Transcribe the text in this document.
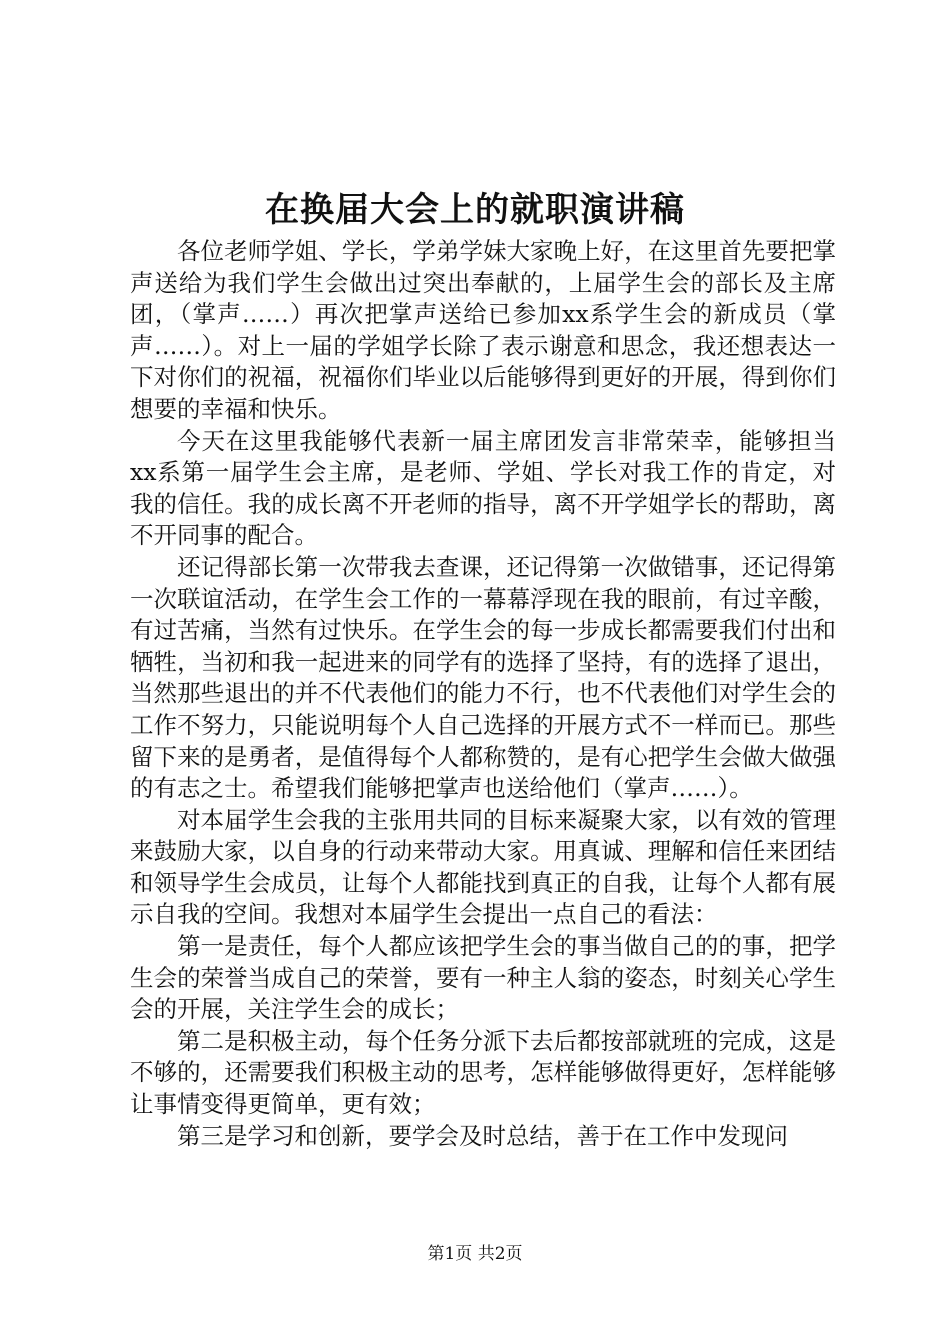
在换届大会上的就职演讲稿

各位老师学姐、学长，学弟学妹大家晚上好，在这里首先要把掌声送给为我们学生会做出过突出奉献的，上届学生会的部长及主席团，（掌声……）再次把掌声送给已参加xx系学生会的新成员（掌声……）。对上一届的学姐学长除了表示谢意和思念，我还想表达一下对你们的祝福，祝福你们毕业以后能够得到更好的开展，得到你们想要的幸福和快乐。

今天在这里我能够代表新一届主席团发言非常荣幸，能够担当xx系第一届学生会主席，是老师、学姐、学长对我工作的肯定，对我的信任。我的成长离不开老师的指导，离不开学姐学长的帮助，离不开同事的配合。

还记得部长第一次带我去查课，还记得第一次做错事，还记得第一次联谊活动，在学生会工作的一幕幕浮现在我的眼前，有过辛酸，有过苦痛，当然有过快乐。在学生会的每一步成长都需要我们付出和牺牲，当初和我一起进来的同学有的选择了坚持，有的选择了退出，当然那些退出的并不代表他们的能力不行，也不代表他们对学生会的工作不努力，只能说明每个人自己选择的开展方式不一样而已。那些留下来的是勇者，是值得每个人都称赞的，是有心把学生会做大做强的有志之士。希望我们能够把掌声也送给他们（掌声……）。

对本届学生会我的主张用共同的目标来凝聚大家，以有效的管理来鼓励大家，以自身的行动来带动大家。用真诚、理解和信任来团结和领导学生会成员，让每个人都能找到真正的自我，让每个人都有展示自我的空间。我想对本届学生会提出一点自己的看法：

第一是责任，每个人都应该把学生会的事当做自己的的事，把学生会的荣誉当成自己的荣誉，要有一种主人翁的姿态，时刻关心学生会的开展，关注学生会的成长；

第二是积极主动，每个任务分派下去后都按部就班的完成，这是不够的，还需要我们积极主动的思考，怎样能够做得更好，怎样能够让事情变得更简单，更有效；

第三是学习和创新，要学会及时总结，善于在工作中发现问

第1页 共2页
